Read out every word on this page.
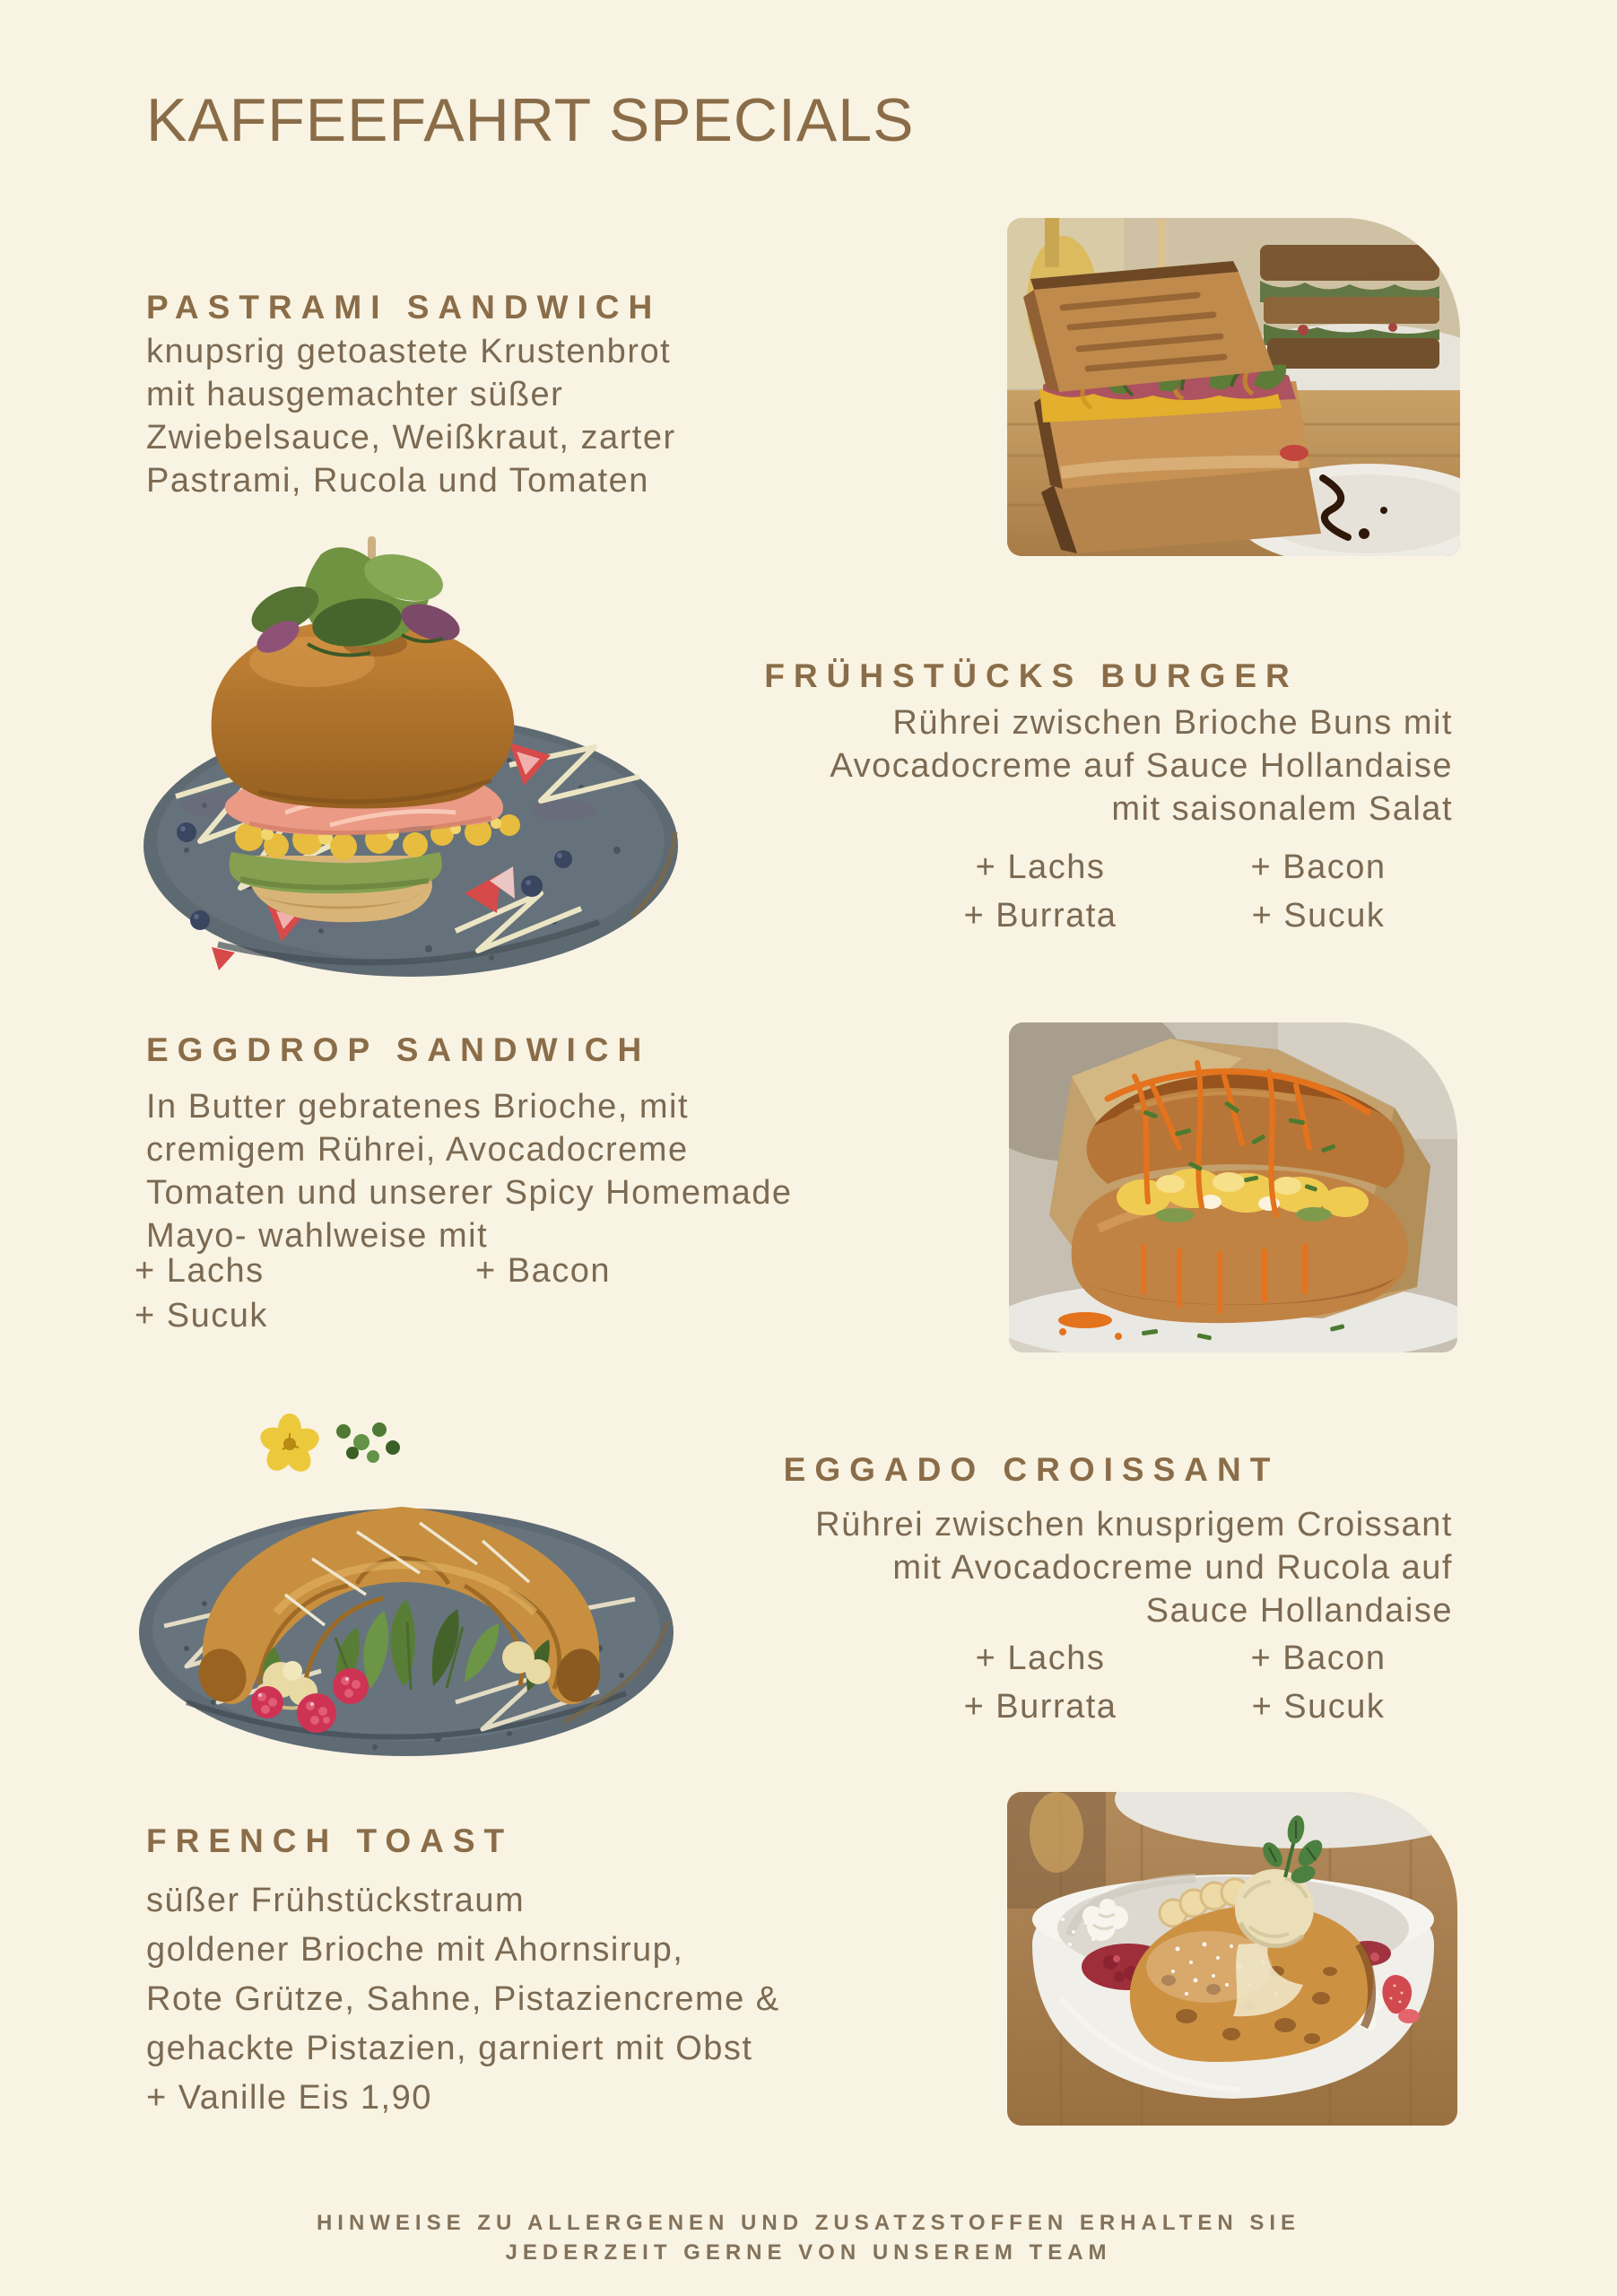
KAFFEEFAHRT SPECIALS
PASTRAMI SANDWICH
knupsrig getoastete Krustenbrot
mit hausgemachter süßer
Zwiebelsauce, Weißkraut, zarter
Pastrami, Rucola und Tomaten
FRÜHSTÜCKS BURGER
Rührei zwischen Brioche Buns mit
Avocadocreme auf Sauce Hollandaise
mit saisonalem Salat
+ Lachs
+ Burrata
+ Bacon
+ Sucuk
EGGDROP SANDWICH
In Butter gebratenes Brioche, mit
cremigem Rührei, Avocadocreme
Tomaten und unserer Spicy Homemade
Mayo- wahlweise mit
+ Lachs
+ Sucuk
+ Bacon
EGGADO CROISSANT
Rührei zwischen knusprigem Croissant
mit Avocadocreme und Rucola auf
Sauce Hollandaise
+ Lachs
+ Burrata
+ Bacon
+ Sucuk
FRENCH TOAST
süßer Frühstückstraum
goldener Brioche mit Ahornsirup,
Rote Grütze, Sahne, Pistaziencreme &
gehackte Pistazien, garniert mit Obst
+ Vanille Eis 1,90
HINWEISE ZU ALLERGENEN UND ZUSATZSTOFFEN ERHALTEN SIE
JEDERZEIT GERNE VON UNSEREM TEAM
